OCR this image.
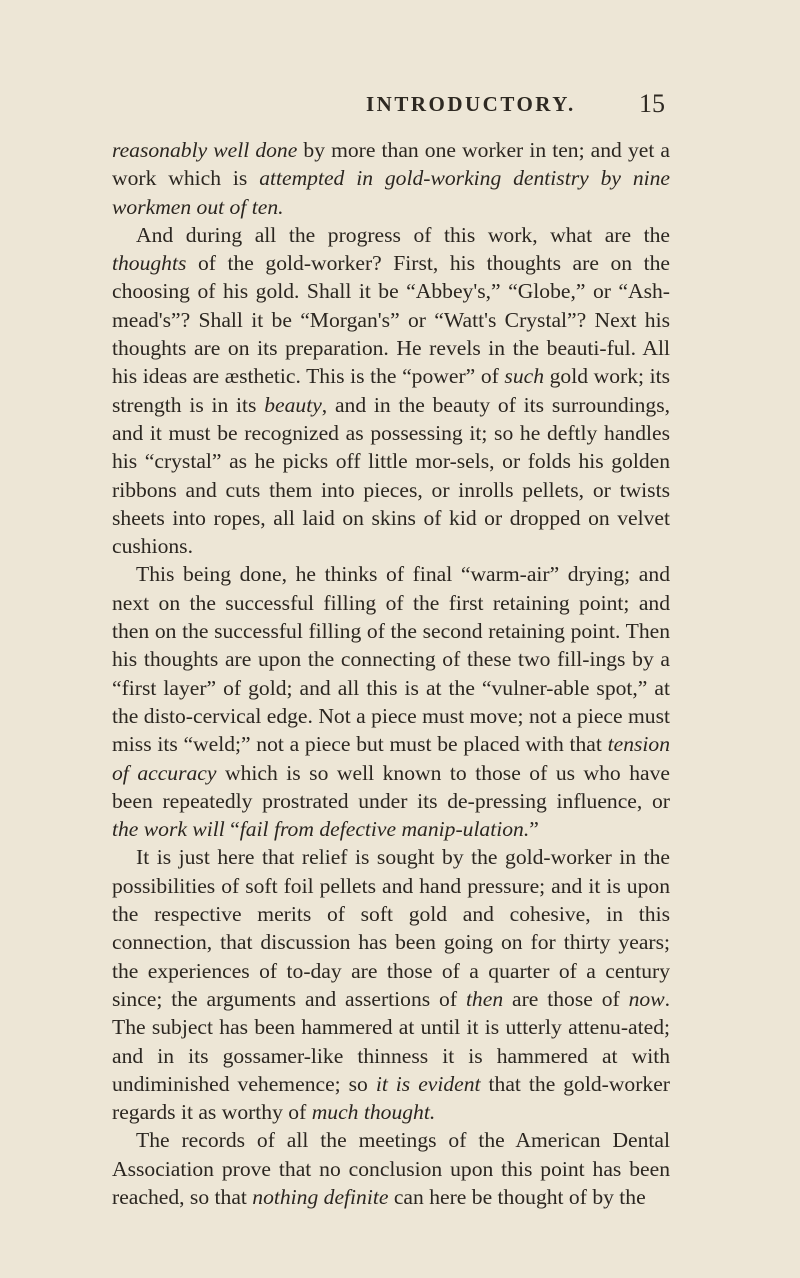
INTRODUCTORY. 15

reasonably well done by more than one worker in ten; and yet a work which is attempted in gold-working dentistry by nine workmen out of ten.

And during all the progress of this work, what are the thoughts of the gold-worker? First, his thoughts are on the choosing of his gold. Shall it be “Abbey's,” “Globe,” or “Ash-mead's”? Shall it be “Morgan's” or “Watt's Crystal”? Next his thoughts are on its preparation. He revels in the beauti-ful. All his ideas are æsthetic. This is the “power” of such gold work; its strength is in its beauty, and in the beauty of its surroundings, and it must be recognized as possessing it; so he deftly handles his “crystal” as he picks off little mor-sels, or folds his golden ribbons and cuts them into pieces, or inrolls pellets, or twists sheets into ropes, all laid on skins of kid or dropped on velvet cushions.

This being done, he thinks of final “warm-air” drying; and next on the successful filling of the first retaining point; and then on the successful filling of the second retaining point. Then his thoughts are upon the connecting of these two fill-ings by a “first layer” of gold; and all this is at the “vulner-able spot,” at the disto-cervical edge. Not a piece must move; not a piece must miss its “weld;” not a piece but must be placed with that tension of accuracy which is so well known to those of us who have been repeatedly prostrated under its de-pressing influence, or the work will “fail from defective manip-ulation.”

It is just here that relief is sought by the gold-worker in the possibilities of soft foil pellets and hand pressure; and it is upon the respective merits of soft gold and cohesive, in this connection, that discussion has been going on for thirty years; the experiences of to-day are those of a quarter of a century since; the arguments and assertions of then are those of now. The subject has been hammered at until it is utterly attenu-ated; and in its gossamer-like thinness it is hammered at with undiminished vehemence; so it is evident that the gold-worker regards it as worthy of much thought.

The records of all the meetings of the American Dental Association prove that no conclusion upon this point has been reached, so that nothing definite can here be thought of by the
